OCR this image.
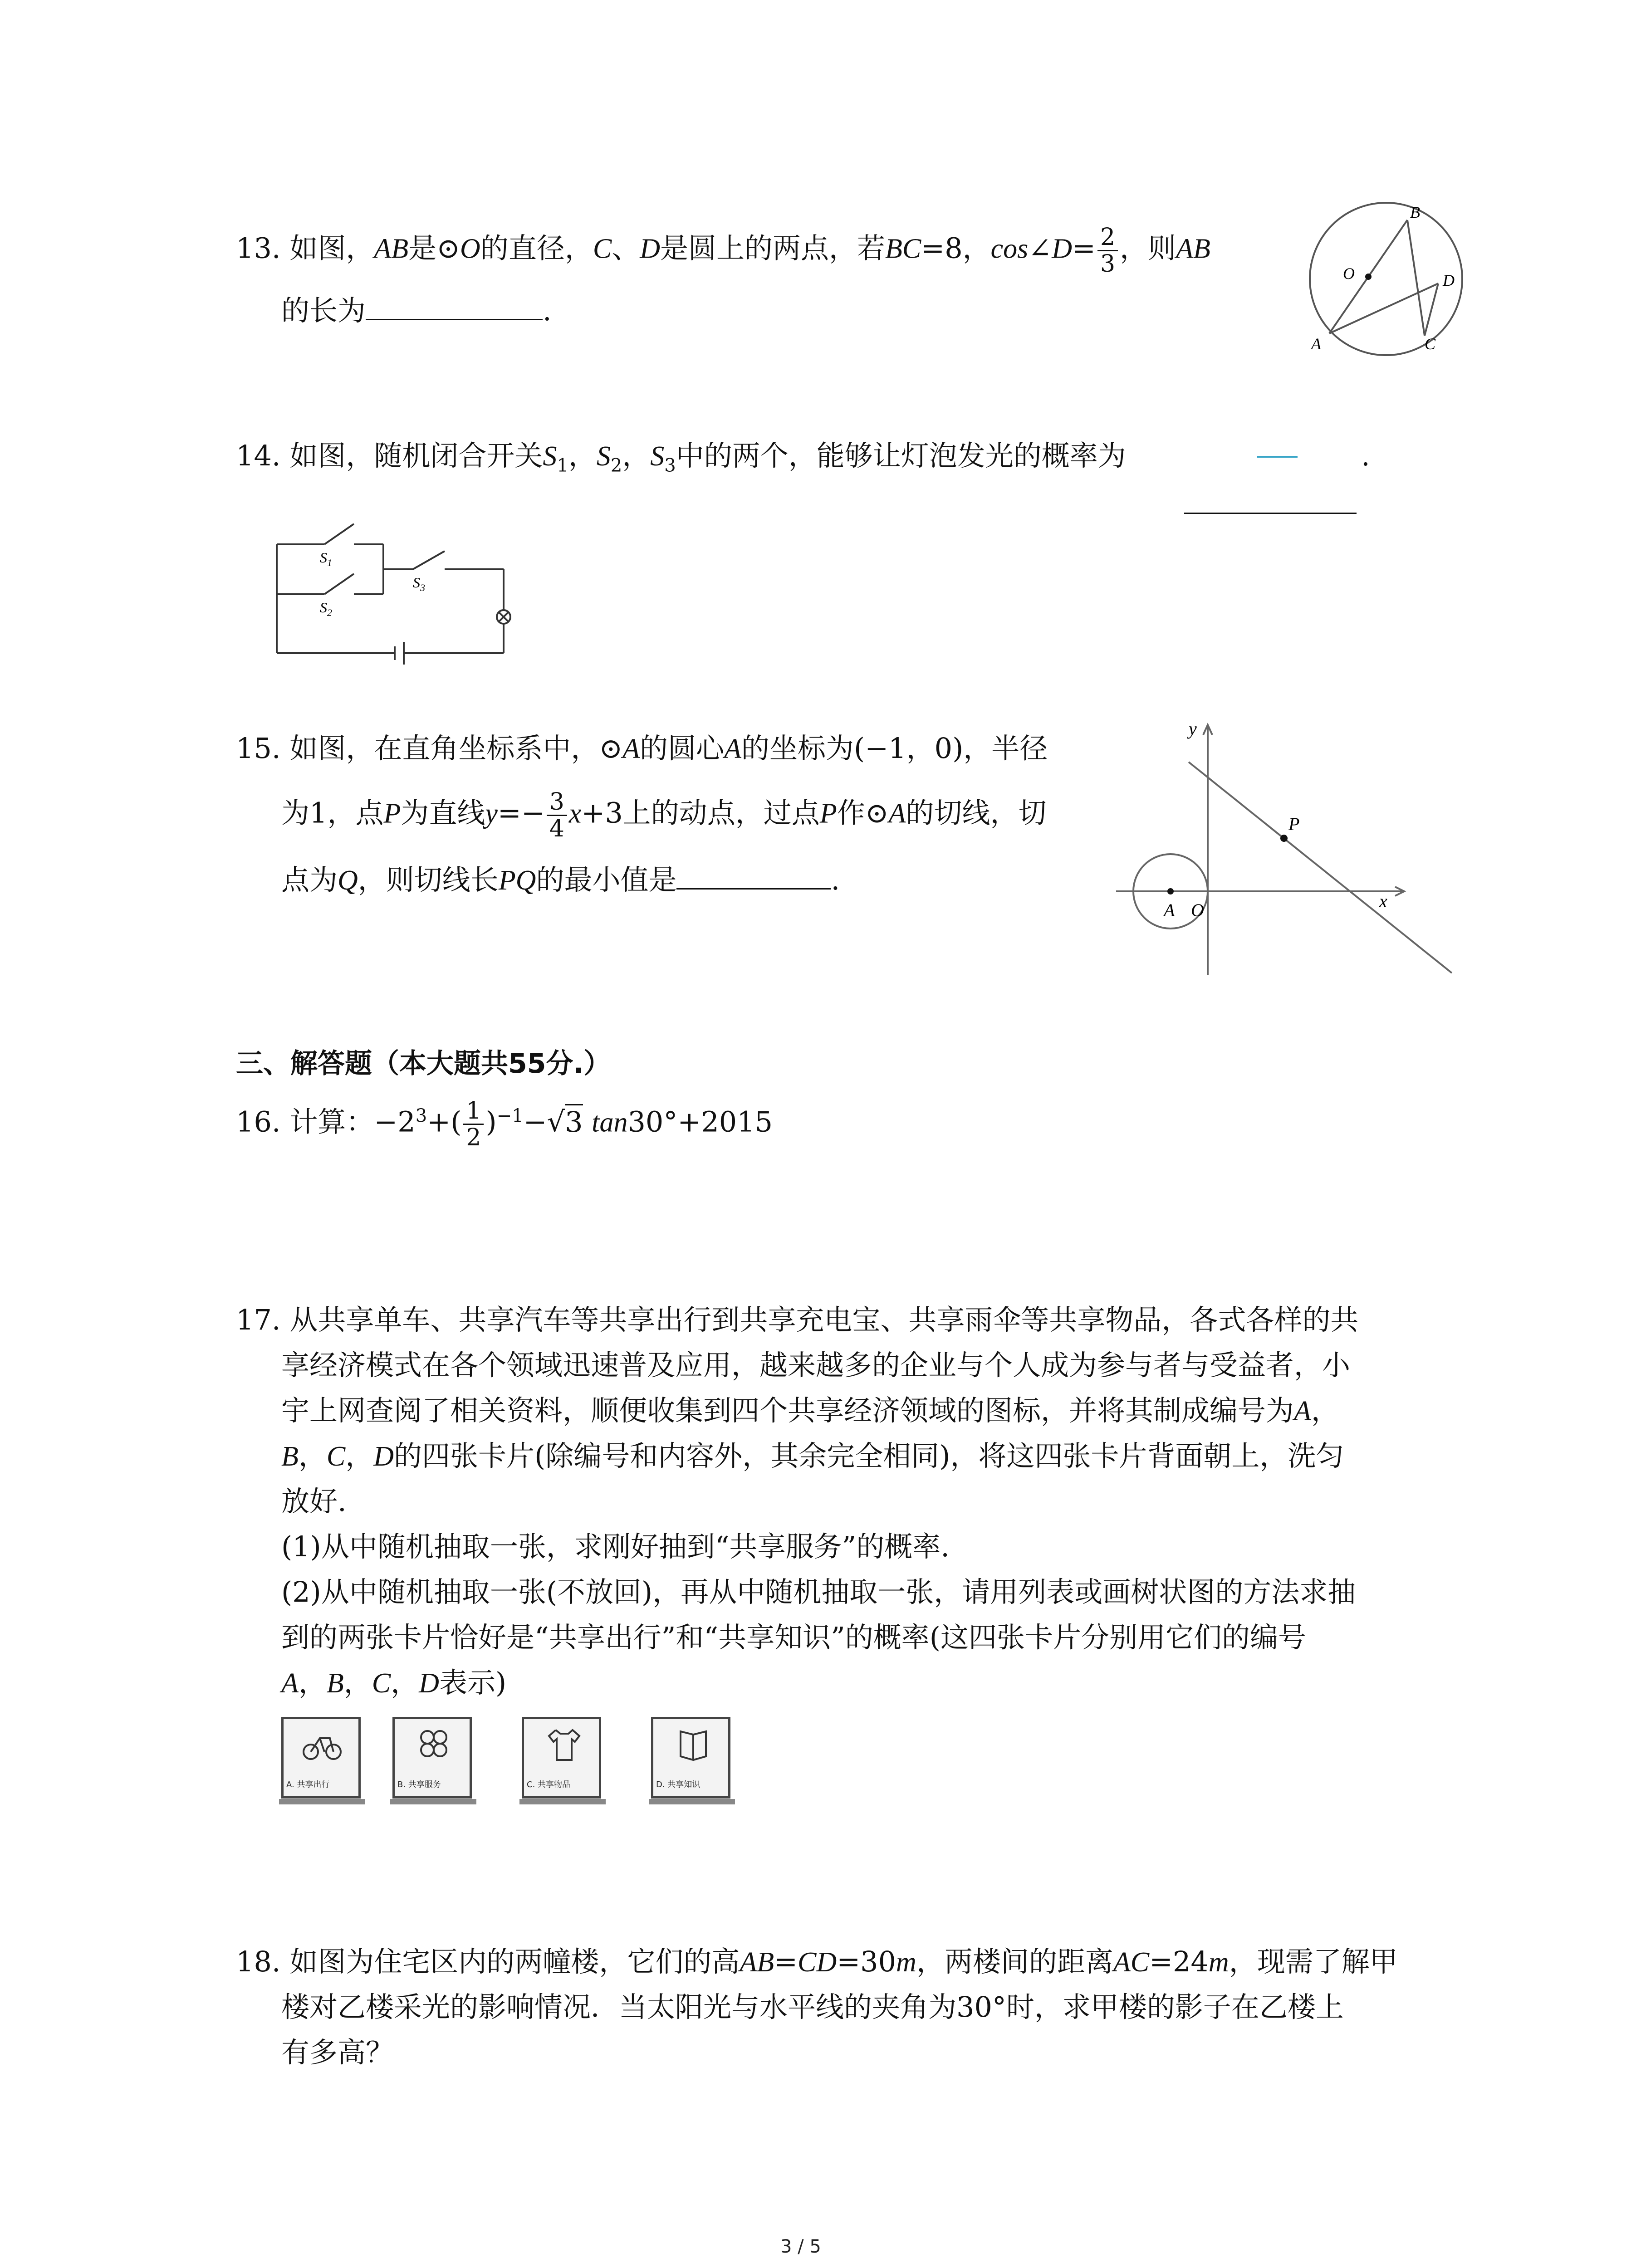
13. 如图，AB是⊙O的直径，C、D是圆上的两点，若BC=8，cos∠D= $\frac{2}{3}$ ，则AB
的长为	.
B
O	D
A	C
14. 如图，随机闭合开关$S_1$，$S_2$，$S_3$中的两个，能够让灯泡发光的概率为	.
$S_1$
$S_2$
$S_3$
15. 如图，在直角坐标系中，⊙A的圆心A的坐标为(−1，0)，半径
为1，点P为直线$y=- \frac{3}{4} x+3$上的动点，过点P作⊙A的切线，切
点为Q，则切线长PQ的最小值是	.
y
P
A O	x
三、解答题（本大题共55分.）
16. 计算：$-2^3+( \frac{1}{2} )^{-1}-√3$ tan30°+2015
17. 从共享单车、共享汽车等共享出行到共享充电宝、共享雨伞等共享物品，各式各样的共
享经济模式在各个领域迅速普及应用，越来越多的企业与个人成为参与者与受益者，小
宇上网查阅了相关资料，顺便收集到四个共享经济领域的图标，并将其制成编号为A，
B，C，D的四张卡片(除编号和内容外，其余完全相同)，将这四张卡片背面朝上，洗匀
放好.
(1)从中随机抽取一张，求刚好抽到“共享服务”的概率.
(2)从中随机抽取一张(不放回)，再从中随机抽取一张，请用列表或画树状图的方法求抽
到的两张卡片恰好是“共享出行”和“共享知识”的概率(这四张卡片分别用它们的编号
A，B，C，D表示)
A. 共享出行	B. 共享服务	C. 共享物品	D. 共享知识
18. 如图为住宅区内的两幢楼，它们的高AB=CD=30m，两楼间的距离AC=24m，现需了解甲
楼对乙楼采光的影响情况．当太阳光与水平线的夹角为30°时，求甲楼的影子在乙楼上
有多高？
3 / 5
